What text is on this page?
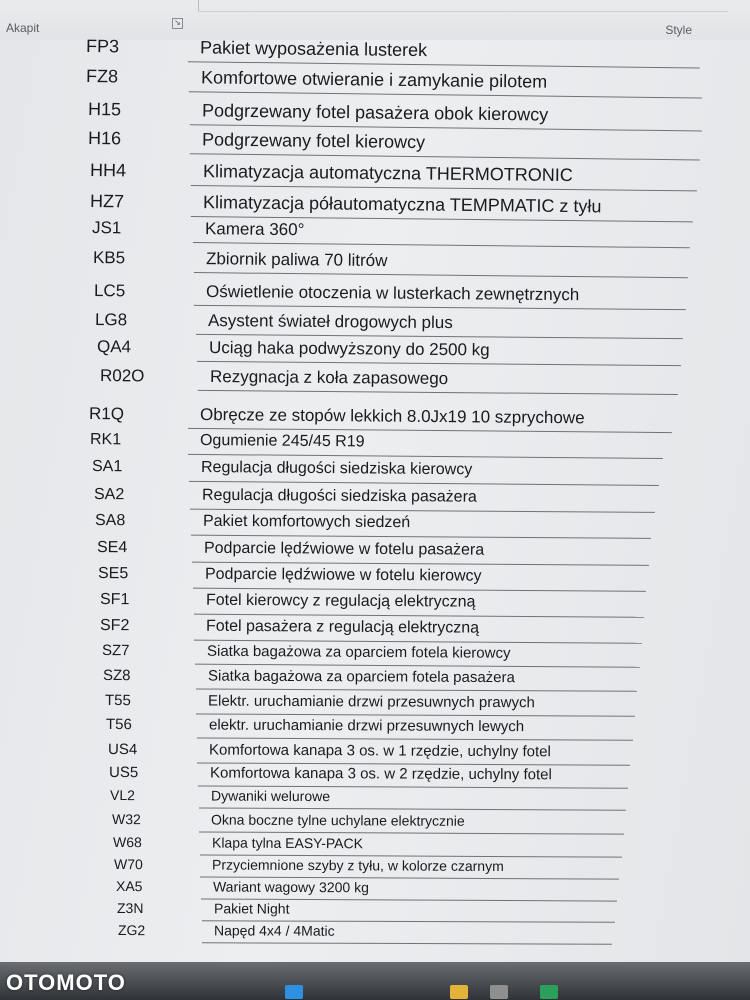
Akapit	↘
Style
FP3	Pakiet wyposażenia lusterek
FZ8	Komfortowe otwieranie i zamykanie pilotem
H15	Podgrzewany fotel pasażera obok kierowcy
H16	Podgrzewany fotel kierowcy
HH4	Klimatyzacja automatyczna THERMOTRONIC
HZ7	Klimatyzacja półautomatyczna TEMPMATIC z tyłu
JS1	Kamera 360°
KB5	Zbiornik paliwa 70 litrów
LC5	Oświetlenie otoczenia w lusterkach zewnętrznych
LG8	Asystent świateł drogowych plus
QA4	Uciąg haka podwyższony do 2500 kg
R02O	Rezygnacja z koła zapasowego
R1Q	Obręcze ze stopów lekkich 8.0Jx19 10 szprychowe
RK1	Ogumienie 245/45 R19
SA1	Regulacja długości siedziska kierowcy
SA2	Regulacja długości siedziska pasażera
SA8	Pakiet komfortowych siedzeń
SE4	Podparcie lędźwiowe w fotelu pasażera
SE5	Podparcie lędźwiowe w fotelu kierowcy
SF1	Fotel kierowcy z regulacją elektryczną
SF2	Fotel pasażera z regulacją elektryczną
SZ7	Siatka bagażowa za oparciem fotela kierowcy
SZ8	Siatka bagażowa za oparciem fotela pasażera
T55	Elektr. uruchamianie drzwi przesuwnych prawych
T56	elektr. uruchamianie drzwi przesuwnych lewych
US4	Komfortowa kanapa 3 os. w 1 rzędzie, uchylny fotel
US5	Komfortowa kanapa 3 os. w 2 rzędzie, uchylny fotel
VL2	Dywaniki welurowe
W32	Okna boczne tylne uchylane elektrycznie
W68	Klapa tylna EASY-PACK
W70	Przyciemnione szyby z tyłu, w kolorze czarnym
XA5	Wariant wagowy 3200 kg
Z3N	Pakiet Night
ZG2	Napęd 4x4 / 4Matic
OTOMOTO
